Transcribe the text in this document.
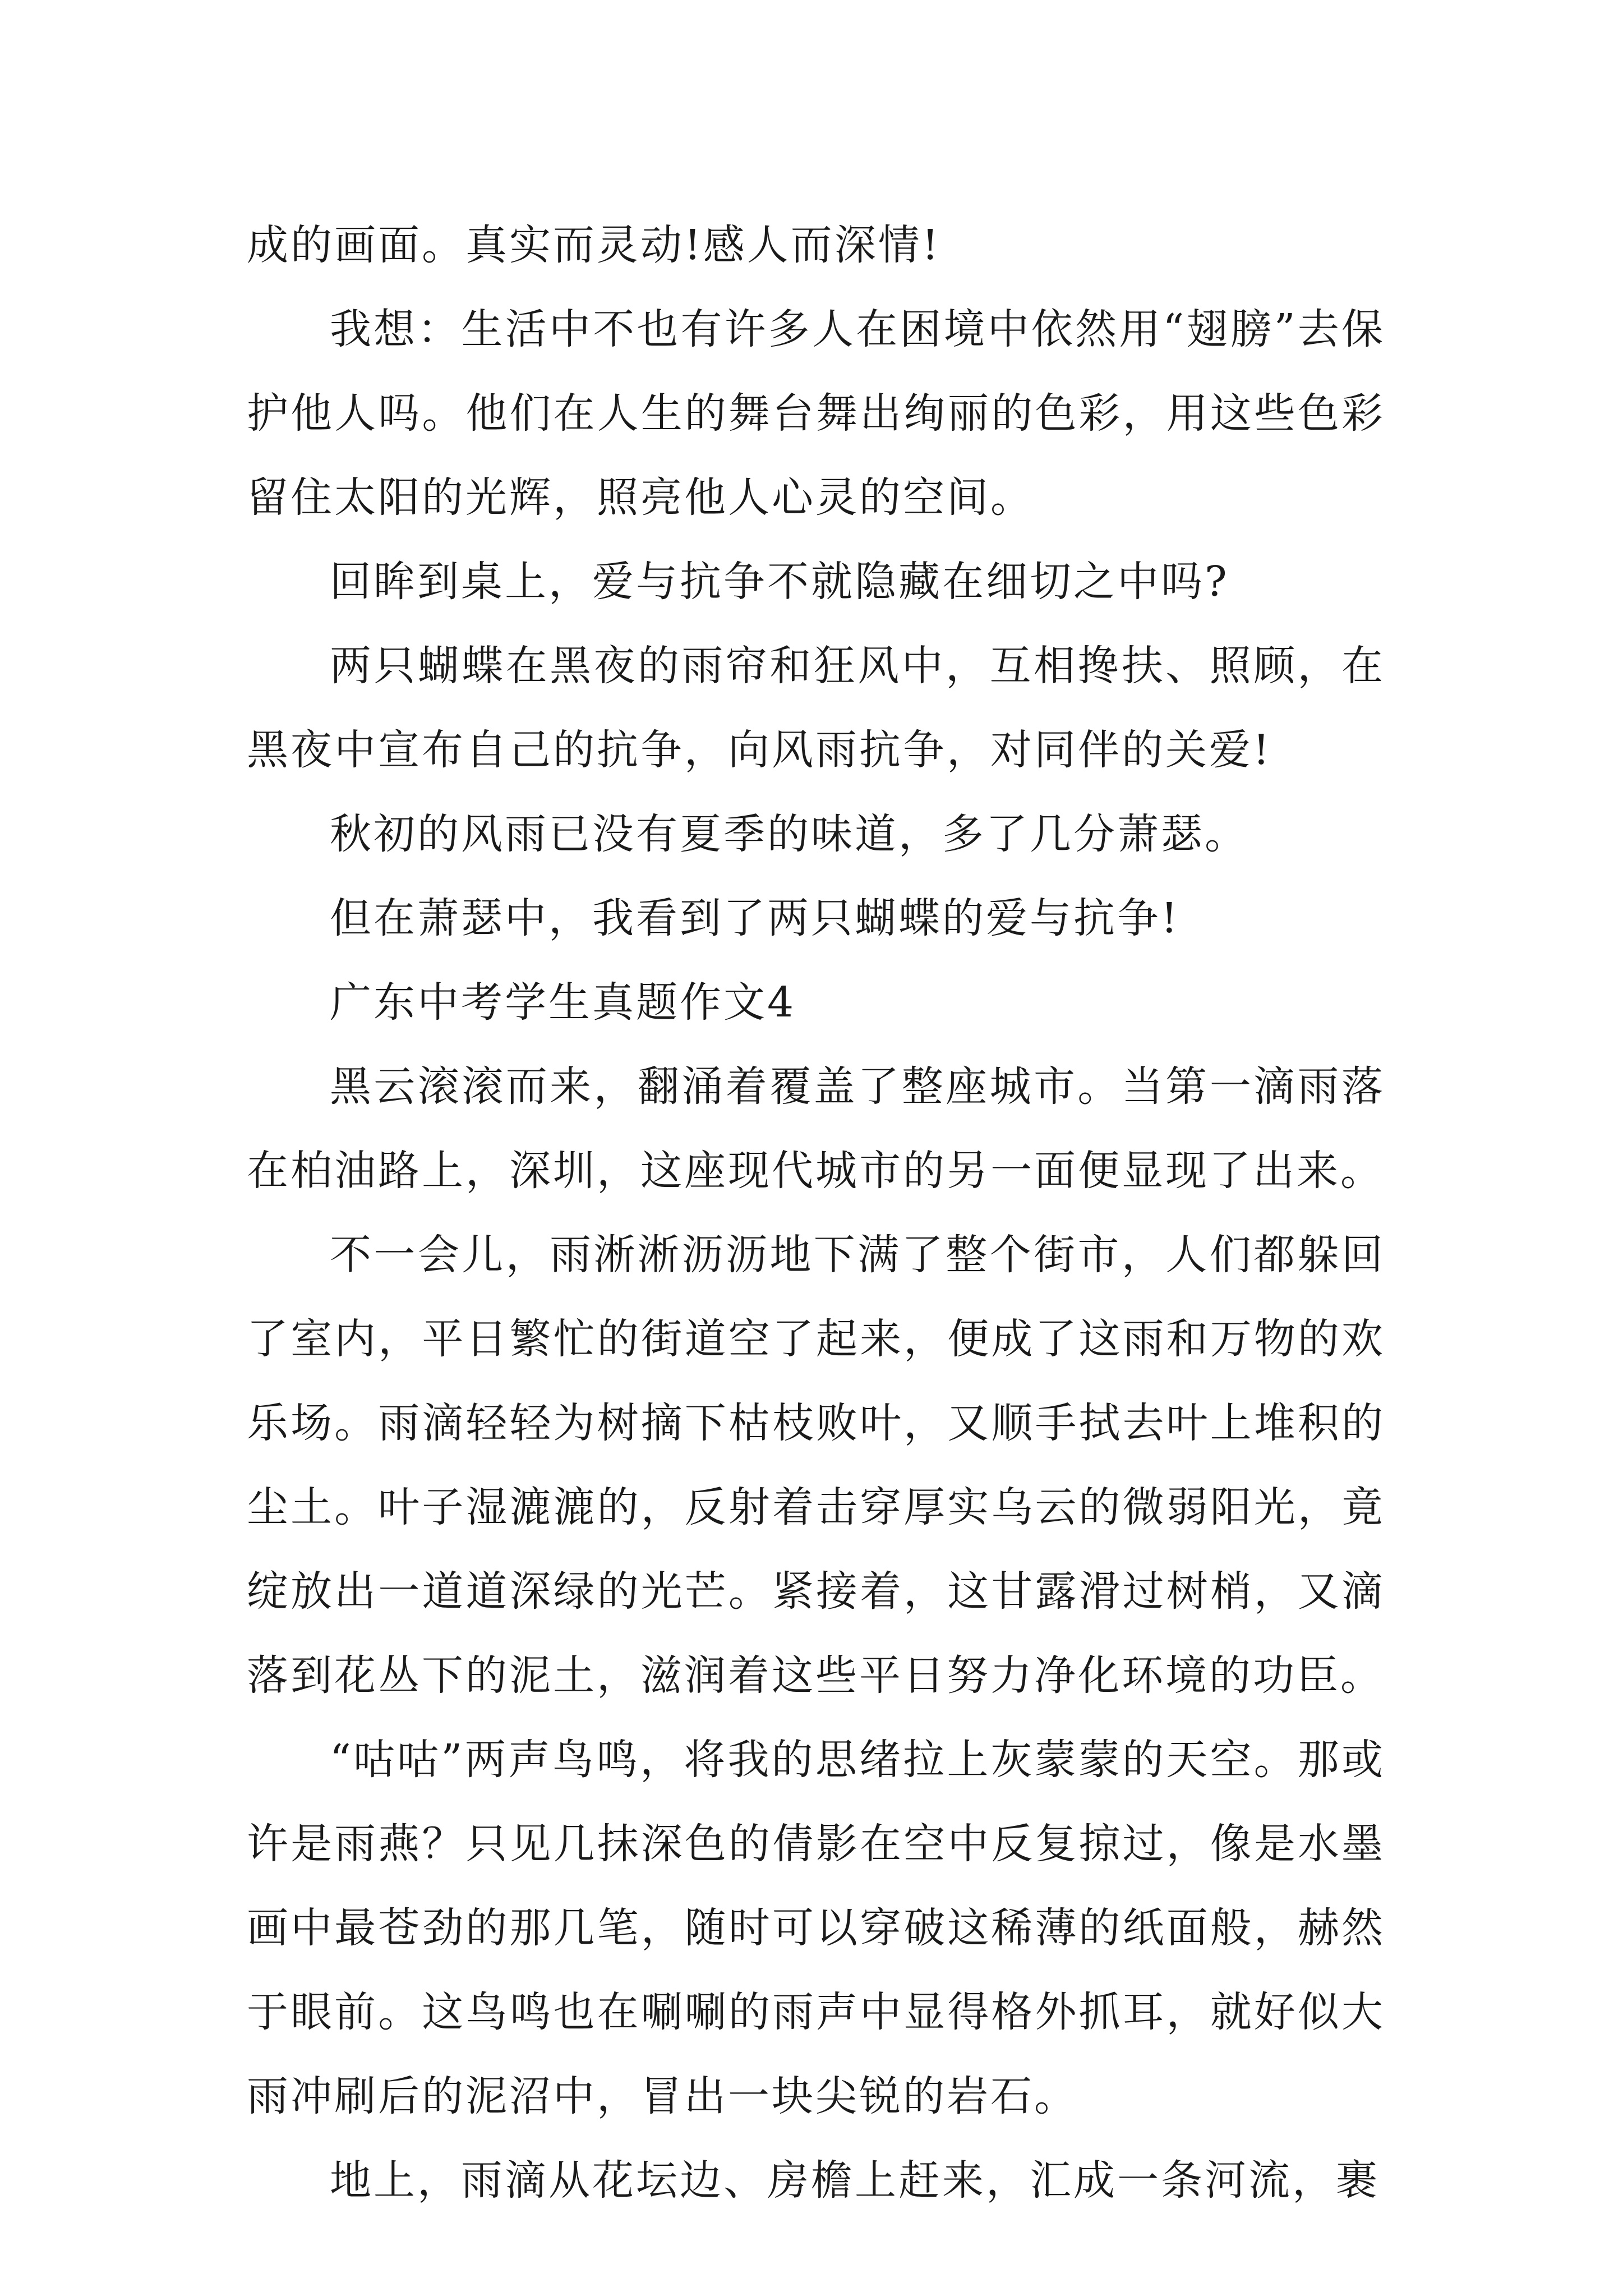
成的画面。真实而灵动!感人而深情!

我想：生活中不也有许多人在困境中依然用“翅膀”去保护他人吗。他们在人生的舞台舞出绚丽的色彩，用这些色彩留住太阳的光辉，照亮他人心灵的空间。

回眸到桌上，爱与抗争不就隐藏在细切之中吗?

两只蝴蝶在黑夜的雨帘和狂风中，互相搀扶、照顾，在黑夜中宣布自己的抗争，向风雨抗争，对同伴的关爱!

秋初的风雨已没有夏季的味道，多了几分萧瑟。

但在萧瑟中，我看到了两只蝴蝶的爱与抗争!

广东中考学生真题作文4

黑云滚滚而来，翻涌着覆盖了整座城市。当第一滴雨落在柏油路上，深圳，这座现代城市的另一面便显现了出来。

不一会儿，雨淅淅沥沥地下满了整个街市，人们都躲回了室内，平日繁忙的街道空了起来，便成了这雨和万物的欢乐场。雨滴轻轻为树摘下枯枝败叶，又顺手拭去叶上堆积的尘土。叶子湿漉漉的，反射着击穿厚实乌云的微弱阳光，竟绽放出一道道深绿的光芒。紧接着，这甘露滑过树梢，又滴落到花丛下的泥土，滋润着这些平日努力净化环境的功臣。

“咕咕”两声鸟鸣，将我的思绪拉上灰蒙蒙的天空。那或许是雨燕？只见几抹深色的倩影在空中反复掠过，像是水墨画中最苍劲的那几笔，随时可以穿破这稀薄的纸面般，赫然于眼前。这鸟鸣也在唰唰的雨声中显得格外抓耳，就好似大雨冲刷后的泥沼中，冒出一块尖锐的岩石。

地上，雨滴从花坛边、房檐上赶来，汇成一条河流，裹
